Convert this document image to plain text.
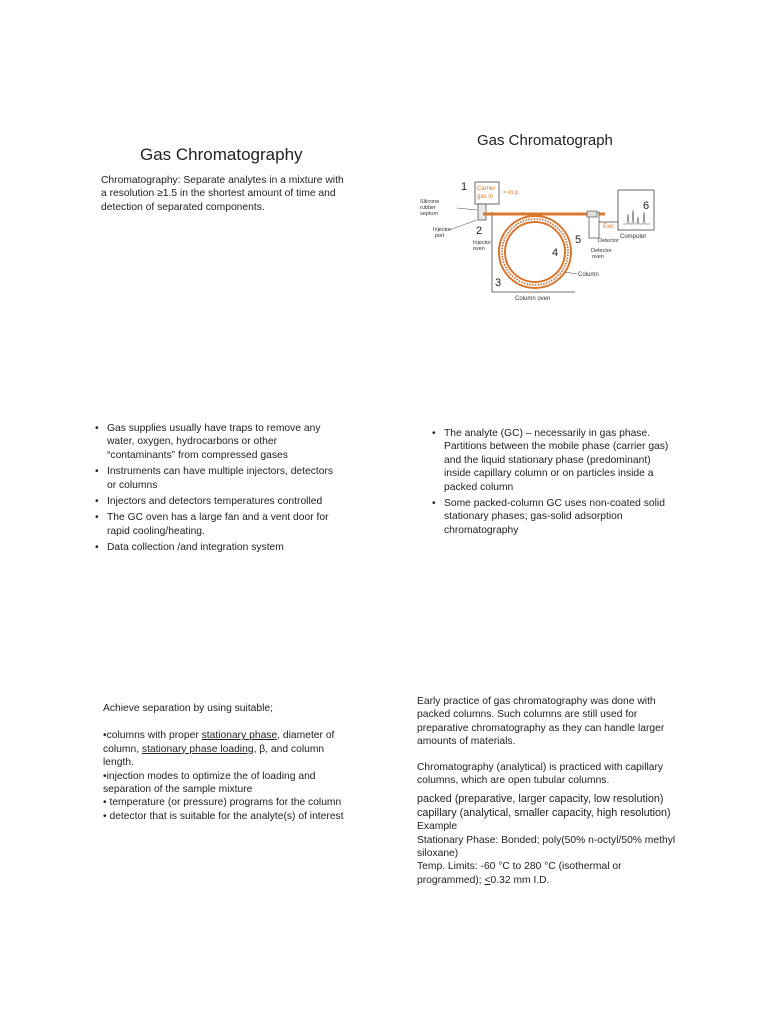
Gas Chromatography
Chromatography: Separate analytes in a mixture with a resolution ≥1.5 in the shortest amount of time and detection of separated components.
Gas Chromatograph
Carrier
gas in
= m.p.
1
Silicone
rubber
septum
Injector
port	2
Injector
oven
3
Column oven
4
Column
Exit
5	Detector
Detector
oven
6
Computer
• Gas supplies usually have traps to remove any water, oxygen, hydrocarbons or other “contaminants” from compressed gases
• Instruments can have multiple injectors, detectors or columns
• Injectors and detectors temperatures controlled
• The GC oven has a large fan and a vent door for rapid cooling/heating.
• Data collection /and integration system
• The analyte (GC) – necessarily in gas phase. Partitions between the mobile phase (carrier gas) and the liquid stationary phase (predominant) inside capillary column or on particles inside a packed column
• Some packed-column GC uses non-coated solid stationary phases; gas-solid adsorption chromatography
Achieve separation by using suitable;
•columns with proper stationary phase, diameter of column, stationary phase loading, β, and column length.
•injection modes to optimize the of loading and separation of the sample mixture
• temperature (or pressure) programs for the column
• detector that is suitable for the analyte(s) of interest
Early practice of gas chromatography was done with packed columns. Such columns are still used for preparative chromatography as they can handle larger amounts of materials.
Chromatography (analytical) is practiced with capillary columns, which are open tubular columns.
packed (preparative, larger capacity, low resolution)
capillary (analytical, smaller capacity, high resolution)
Example
Stationary Phase: Bonded; poly(50% n-octyl/50% methyl siloxane)
Temp. Limits: -60 °C to 280 °C (isothermal or programmed); <0.32 mm I.D.
